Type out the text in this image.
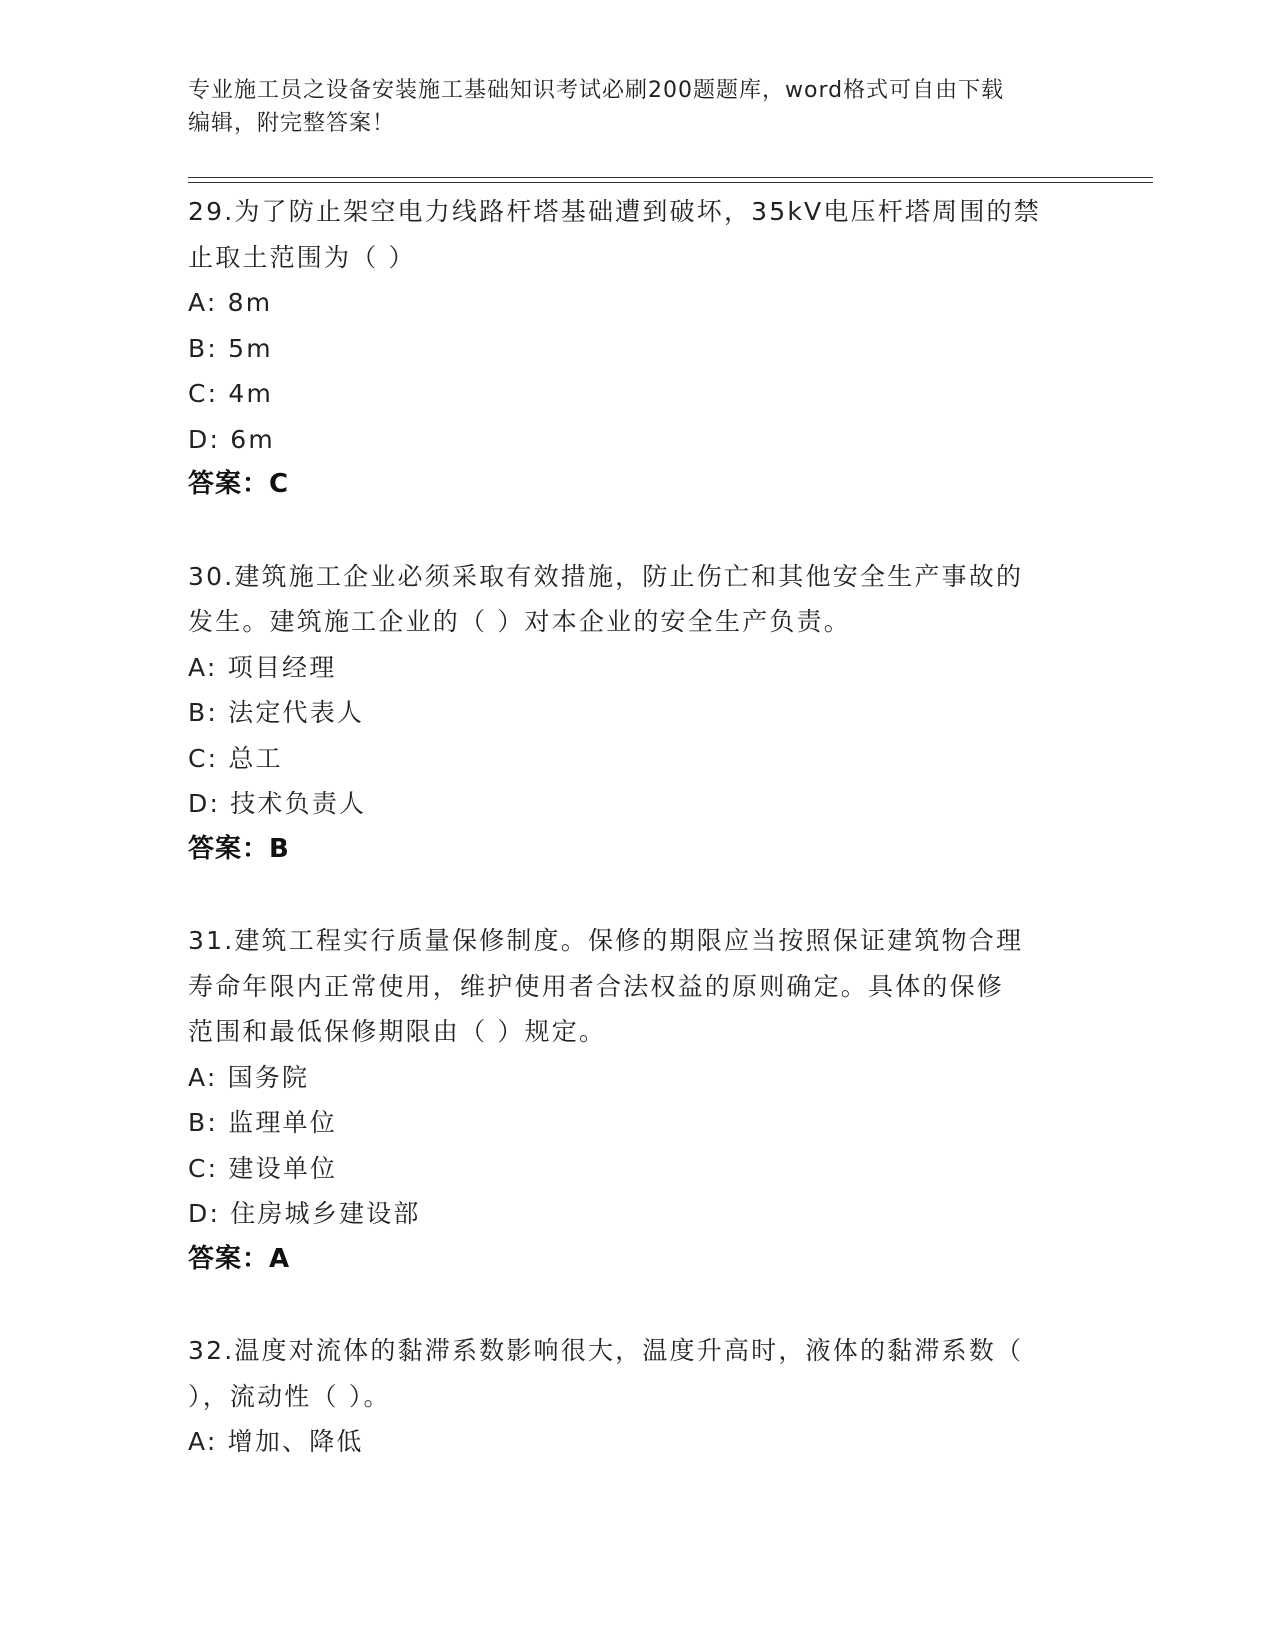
专业施工员之设备安装施工基础知识考试必刷200题题库，word格式可自由下载
编辑，附完整答案！

29.为了防止架空电力线路杆塔基础遭到破坏，35kV电压杆塔周围的禁

止取土范围为（ ）

A: 8m

B: 5m

C: 4m

D: 6m

答案：C

30.建筑施工企业必须采取有效措施，防止伤亡和其他安全生产事故的

发生。建筑施工企业的（ ）对本企业的安全生产负责。

A: 项目经理

B: 法定代表人

C: 总工

D: 技术负责人

答案：B

31.建筑工程实行质量保修制度。保修的期限应当按照保证建筑物合理

寿命年限内正常使用，维护使用者合法权益的原则确定。具体的保修

范围和最低保修期限由（ ）规定。

A: 国务院

B: 监理单位

C: 建设单位

D: 住房城乡建设部

答案：A

32.温度对流体的黏滞系数影响很大，温度升高时，液体的黏滞系数（

），流动性（ ）。

A: 增加、降低
